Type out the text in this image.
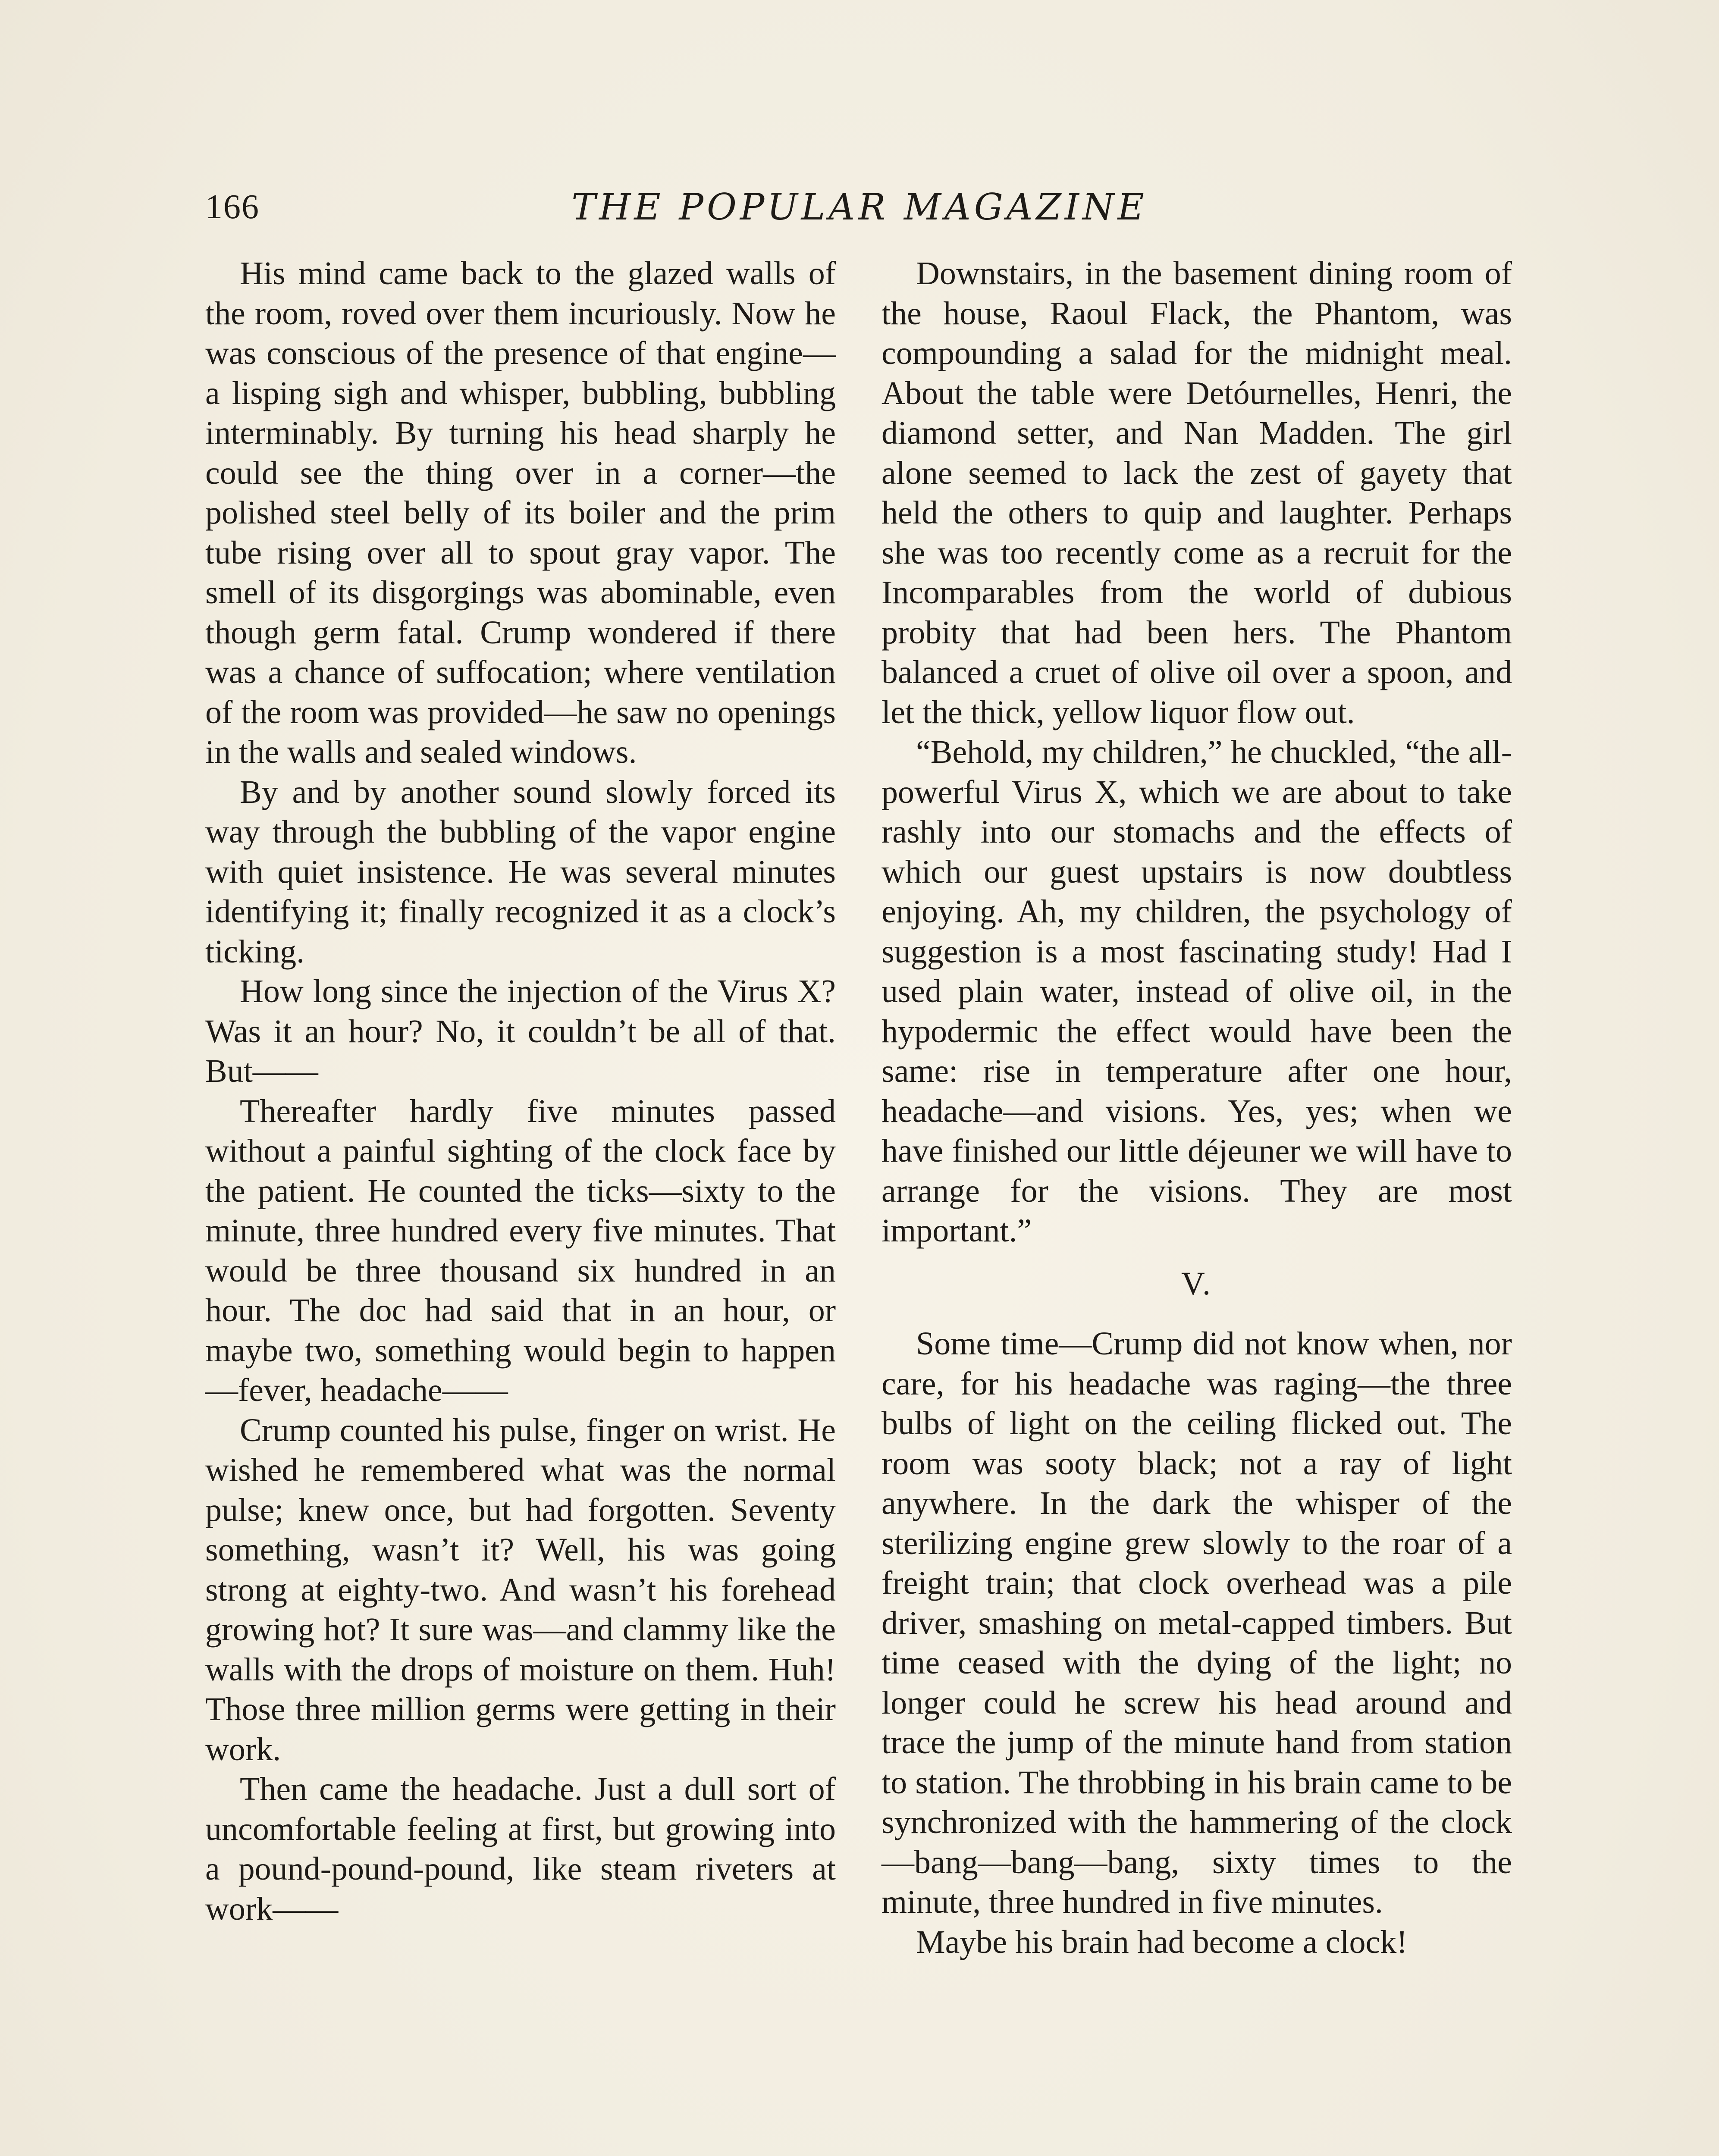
166	THE POPULAR MAGAZINE

His mind came back to the glazed walls of the room, roved over them incuriously. Now he was conscious of the presence of that engine—a lisping sigh and whisper, bubbling, bubbling interminably. By turning his head sharply he could see the thing over in a corner—the polished steel belly of its boiler and the prim tube rising over all to spout gray vapor. The smell of its disgorgings was abominable, even though germ fatal. Crump wondered if there was a chance of suffocation; where ventilation of the room was provided—he saw no openings in the walls and sealed windows.

By and by another sound slowly forced its way through the bubbling of the vapor engine with quiet insistence. He was several minutes identifying it; finally recognized it as a clock’s ticking.

How long since the injection of the Virus X? Was it an hour? No, it couldn’t be all of that. But——

Thereafter hardly five minutes passed without a painful sighting of the clock face by the patient. He counted the ticks—sixty to the minute, three hundred every five minutes. That would be three thousand six hundred in an hour. The doc had said that in an hour, or maybe two, something would begin to happen—fever, headache——

Crump counted his pulse, finger on wrist. He wished he remembered what was the normal pulse; knew once, but had forgotten. Seventy something, wasn’t it? Well, his was going strong at eighty-two. And wasn’t his forehead growing hot? It sure was—and clammy like the walls with the drops of moisture on them. Huh! Those three million germs were getting in their work.

Then came the headache. Just a dull sort of uncomfortable feeling at first, but growing into a pound-pound-pound, like steam riveters at work——

Downstairs, in the basement dining room of the house, Raoul Flack, the Phantom, was compounding a salad for the midnight meal. About the table were Detóurnelles, Henri, the diamond setter, and Nan Madden. The girl alone seemed to lack the zest of gayety that held the others to quip and laughter. Perhaps she was too recently come as a recruit for the Incomparables from the world of dubious probity that had been hers. The Phantom balanced a cruet of olive oil over a spoon, and let the thick, yellow liquor flow out.

“Behold, my children,” he chuckled, “the all-powerful Virus X, which we are about to take rashly into our stomachs and the effects of which our guest upstairs is now doubtless enjoying. Ah, my children, the psychology of suggestion is a most fascinating study! Had I used plain water, instead of olive oil, in the hypodermic the effect would have been the same: rise in temperature after one hour, headache—and visions. Yes, yes; when we have finished our little déjeuner we will have to arrange for the visions. They are most important.”

V.

Some time—Crump did not know when, nor care, for his headache was raging—the three bulbs of light on the ceiling flicked out. The room was sooty black; not a ray of light anywhere. In the dark the whisper of the sterilizing engine grew slowly to the roar of a freight train; that clock overhead was a pile driver, smashing on metal-capped timbers. But time ceased with the dying of the light; no longer could he screw his head around and trace the jump of the minute hand from station to station. The throbbing in his brain came to be synchronized with the hammering of the clock—bang—bang—bang, sixty times to the minute, three hundred in five minutes.

Maybe his brain had become a clock!
